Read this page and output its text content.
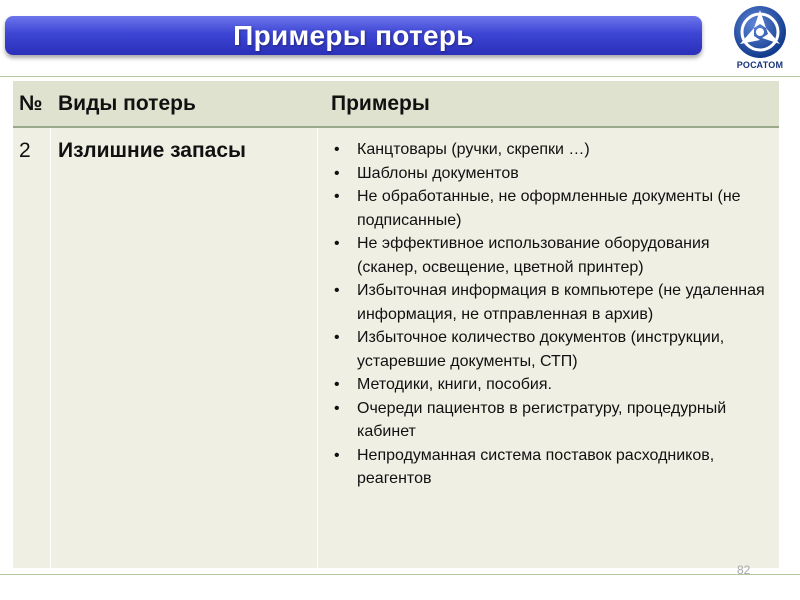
Примеры потерь
РОСАТОМ
№ Виды потерь	Примеры
2 Излишние запасы
•	Канцтовары (ручки, скрепки …)
• Шаблоны документов
• Не обработанные, не оформленные документы (не подписанные)
• Не эффективное использование оборудования (сканер, освещение, цветной принтер)
• Избыточная информация в компьютере (не удаленная информация, не отправленная в архив)
• Избыточное количество документов (инструкции, устаревшие документы, СТП)
• Методики, книги, пособия.
• Очереди пациентов в регистратуру, процедурный кабинет
• Непродуманная система поставок расходников, реагентов
82
